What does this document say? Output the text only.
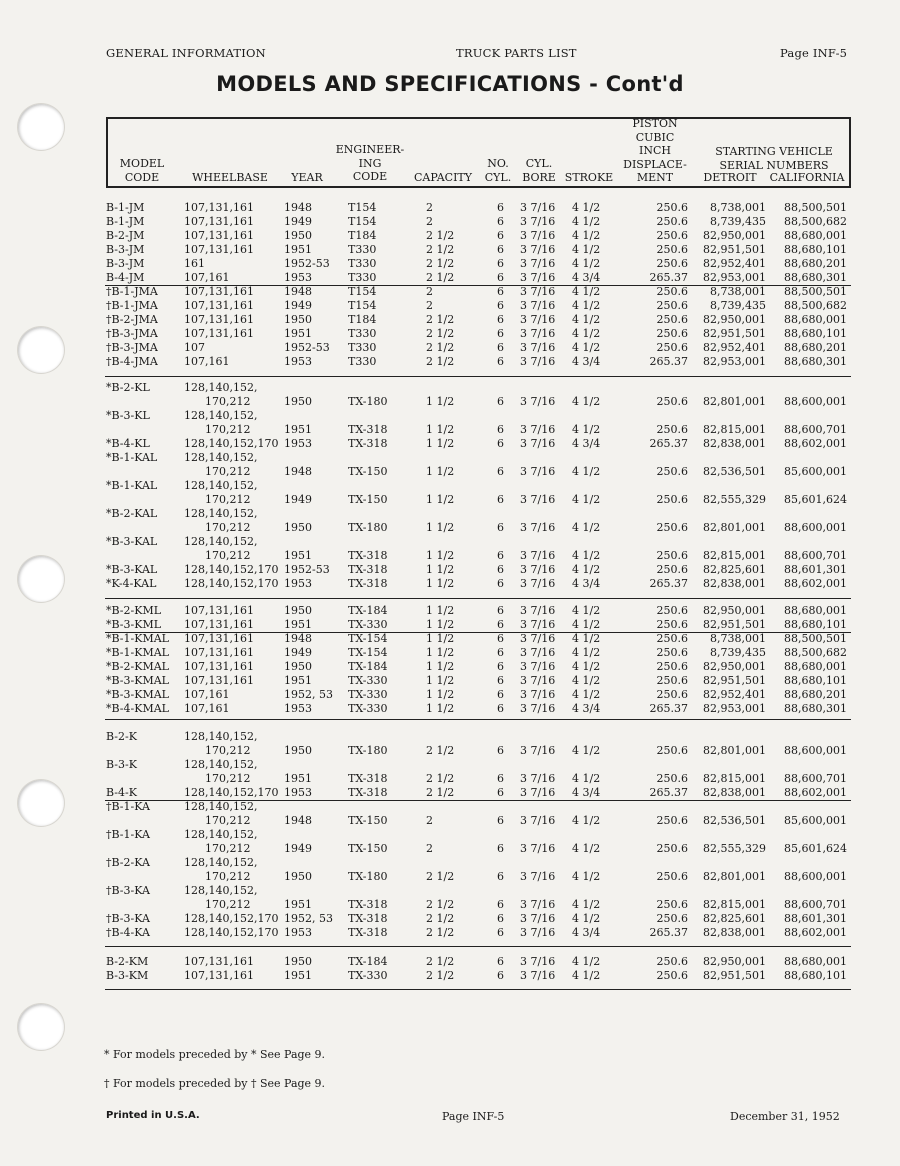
GENERAL INFORMATION	TRUCK PARTS LIST	Page INF-5
MODELS AND SPECIFICATIONS - Cont'd
MODEL
CODE	WHEELBASE	YEAR
ENGINEER-
ING
CODE	CAPACITY
NO.
CYL.
CYL.
BORE STROKE
PISTON
CUBIC
INCH
DISPLACE-
MENT
STARTING VEHICLE
SERIAL NUMBERS
DETROIT	CALIFORNIA
B-1-JM	107,131,161	1948	T154	2	6 3 7/16	4 1/2	250.6	8,738,001	88,500,501
B-1-JM	107,131,161	1949	T154	2	6 3 7/16	4 1/2	250.6	8,739,435	88,500,682
B-2-JM	107,131,161	1950	T184	2 1/2	6 3 7/16	4 1/2	250.6	82,950,001	88,680,001
B-3-JM	107,131,161	1951	T330	2 1/2	6 3 7/16	4 1/2	250.6	82,951,501	88,680,101
B-3-JM	161	1952-53	T330	2 1/2	6 3 7/16	4 1/2	250.6	82,952,401	88,680,201
B-4-JM	107,161	1953	T330	2 1/2	6 3 7/16	4 3/4	265.37	82,953,001	88,680,301
†B-1-JMA	107,131,161	1948	T154	2	6 3 7/16	4 1/2	250.6	8,738,001	88,500,501
†B-1-JMA	107,131,161	1949	T154	2	6 3 7/16	4 1/2	250.6	8,739,435	88,500,682
†B-2-JMA	107,131,161	1950	T184	2 1/2	6 3 7/16	4 1/2	250.6	82,950,001	88,680,001
†B-3-JMA	107,131,161	1951	T330	2 1/2	6 3 7/16	4 1/2	250.6	82,951,501	88,680,101
†B-3-JMA	107	1952-53	T330	2 1/2	6 3 7/16	4 1/2	250.6	82,952,401	88,680,201
†B-4-JMA	107,161	1953	T330	2 1/2	6 3 7/16	4 3/4	265.37	82,953,001	88,680,301
*B-2-KL	128,140,152,
170,212	1950	TX-180	1 1/2	6 3 7/16	4 1/2	250.6	82,801,001	88,600,001
*B-3-KL	128,140,152,
170,212	1951	TX-318	1 1/2	6 3 7/16	4 1/2	250.6	82,815,001	88,600,701
*B-4-KL	128,140,152,170 1953	TX-318	1 1/2	6 3 7/16	4 3/4	265.37	82,838,001	88,602,001
*B-1-KAL	128,140,152,
170,212	1948	TX-150	1 1/2	6 3 7/16	4 1/2	250.6	82,536,501	85,600,001
*B-1-KAL	128,140,152,
170,212	1949	TX-150	1 1/2	6 3 7/16	4 1/2	250.6	82,555,329	85,601,624
*B-2-KAL	128,140,152,
170,212	1950	TX-180	1 1/2	6 3 7/16	4 1/2	250.6	82,801,001	88,600,001
*B-3-KAL	128,140,152,
170,212	1951	TX-318	1 1/2	6 3 7/16	4 1/2	250.6	82,815,001	88,600,701
*B-3-KAL	128,140,152,170 1952-53	TX-318	1 1/2	6 3 7/16	4 1/2	250.6	82,825,601	88,601,301
*K-4-KAL	128,140,152,170 1953	TX-318	1 1/2	6 3 7/16	4 3/4	265.37	82,838,001	88,602,001
*B-2-KML	107,131,161	1950	TX-184	1 1/2	6 3 7/16	4 1/2	250.6	82,950,001	88,680,001
*B-3-KML	107,131,161	1951	TX-330	1 1/2	6 3 7/16	4 1/2	250.6	82,951,501	88,680,101
*B-1-KMAL	107,131,161	1948	TX-154	1 1/2	6 3 7/16	4 1/2	250.6	8,738,001	88,500,501
*B-1-KMAL	107,131,161	1949	TX-154	1 1/2	6 3 7/16	4 1/2	250.6	8,739,435	88,500,682
*B-2-KMAL	107,131,161	1950	TX-184	1 1/2	6 3 7/16	4 1/2	250.6	82,950,001	88,680,001
*B-3-KMAL	107,131,161	1951	TX-330	1 1/2	6 3 7/16	4 1/2	250.6	82,951,501	88,680,101
*B-3-KMAL	107,161	1952, 53 TX-330	1 1/2	6 3 7/16	4 1/2	250.6	82,952,401	88,680,201
*B-4-KMAL	107,161	1953	TX-330	1 1/2	6 3 7/16	4 3/4	265.37	82,953,001	88,680,301
B-2-K	128,140,152,
170,212	1950	TX-180	2 1/2	6 3 7/16	4 1/2	250.6	82,801,001	88,600,001
B-3-K	128,140,152,
170,212	1951	TX-318	2 1/2	6 3 7/16	4 1/2	250.6	82,815,001	88,600,701
B-4-K	128,140,152,170 1953	TX-318	2 1/2	6 3 7/16	4 3/4	265.37	82,838,001	88,602,001
†B-1-KA	128,140,152,
170,212	1948	TX-150	2	6 3 7/16	4 1/2	250.6	82,536,501	85,600,001
†B-1-KA	128,140,152,
170,212	1949	TX-150	2	6 3 7/16	4 1/2	250.6	82,555,329	85,601,624
†B-2-KA	128,140,152,
170,212	1950	TX-180	2 1/2	6 3 7/16	4 1/2	250.6	82,801,001	88,600,001
†B-3-KA	128,140,152,
170,212	1951	TX-318	2 1/2	6 3 7/16	4 1/2	250.6	82,815,001	88,600,701
†B-3-KA	128,140,152,170 1952, 53 TX-318	2 1/2	6 3 7/16	4 1/2	250.6	82,825,601	88,601,301
†B-4-KA	128,140,152,170 1953	TX-318	2 1/2	6 3 7/16	4 3/4	265.37	82,838,001	88,602,001
B-2-KM	107,131,161	1950	TX-184	2 1/2	6 3 7/16	4 1/2	250.6	82,950,001	88,680,001
B-3-KM	107,131,161	1951	TX-330	2 1/2	6 3 7/16	4 1/2	250.6	82,951,501	88,680,101
* For models preceded by * See Page 9.
† For models preceded by † See Page 9.
Printed in U.S.A.	Page INF-5	December 31, 1952
